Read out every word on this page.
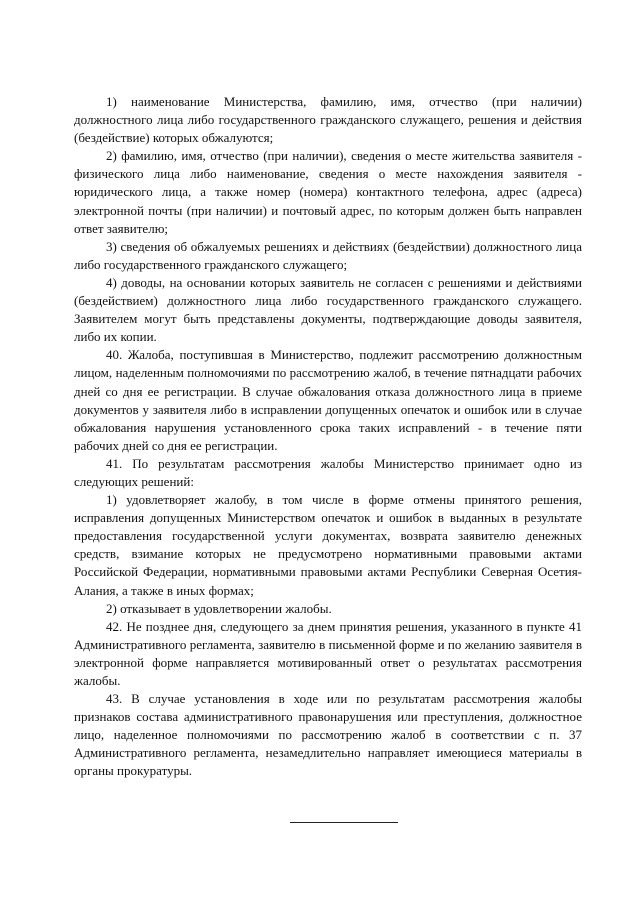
1) наименование Министерства, фамилию, имя, отчество (при наличии) должностного лица либо государственного гражданского служащего, решения и действия (бездействие) которых обжалуются;

2) фамилию, имя, отчество (при наличии), сведения о месте жительства заявителя - физического лица либо наименование, сведения о месте нахождения заявителя - юридического лица, а также номер (номера) контактного телефона, адрес (адреса) электронной почты (при наличии) и почтовый адрес, по которым должен быть направлен ответ заявителю;

3) сведения об обжалуемых решениях и действиях (бездействии) должностного лица либо государственного гражданского служащего;

4) доводы, на основании которых заявитель не согласен с решениями и действиями (бездействием) должностного лица либо государственного гражданского служащего. Заявителем могут быть представлены документы, подтверждающие доводы заявителя, либо их копии.

40. Жалоба, поступившая в Министерство, подлежит рассмотрению должностным лицом, наделенным полномочиями по рассмотрению жалоб, в течение пятнадцати рабочих дней со дня ее регистрации. В случае обжалования отказа должностного лица в приеме документов у заявителя либо в исправлении допущенных опечаток и ошибок или в случае обжалования нарушения установленного срока таких исправлений - в течение пяти рабочих дней со дня ее регистрации.

41. По результатам рассмотрения жалобы Министерство принимает одно из следующих решений:

1) удовлетворяет жалобу, в том числе в форме отмены принятого решения, исправления допущенных Министерством опечаток и ошибок в выданных в результате предоставления государственной услуги документах, возврата заявителю денежных средств, взимание которых не предусмотрено нормативными правовыми актами Российской Федерации, нормативными правовыми актами Республики Северная Осетия-Алания, а также в иных формах;

2) отказывает в удовлетворении жалобы.

42. Не позднее дня, следующего за днем принятия решения, указанного в пункте 41 Административного регламента, заявителю в письменной форме и по желанию заявителя в электронной форме направляется мотивированный ответ о результатах рассмотрения жалобы.

43. В случае установления в ходе или по результатам рассмотрения жалобы признаков состава административного правонарушения или преступления, должностное лицо, наделенное полномочиями по рассмотрению жалоб в соответствии с п. 37 Административного регламента, незамедлительно направляет имеющиеся материалы в органы прокуратуры.
